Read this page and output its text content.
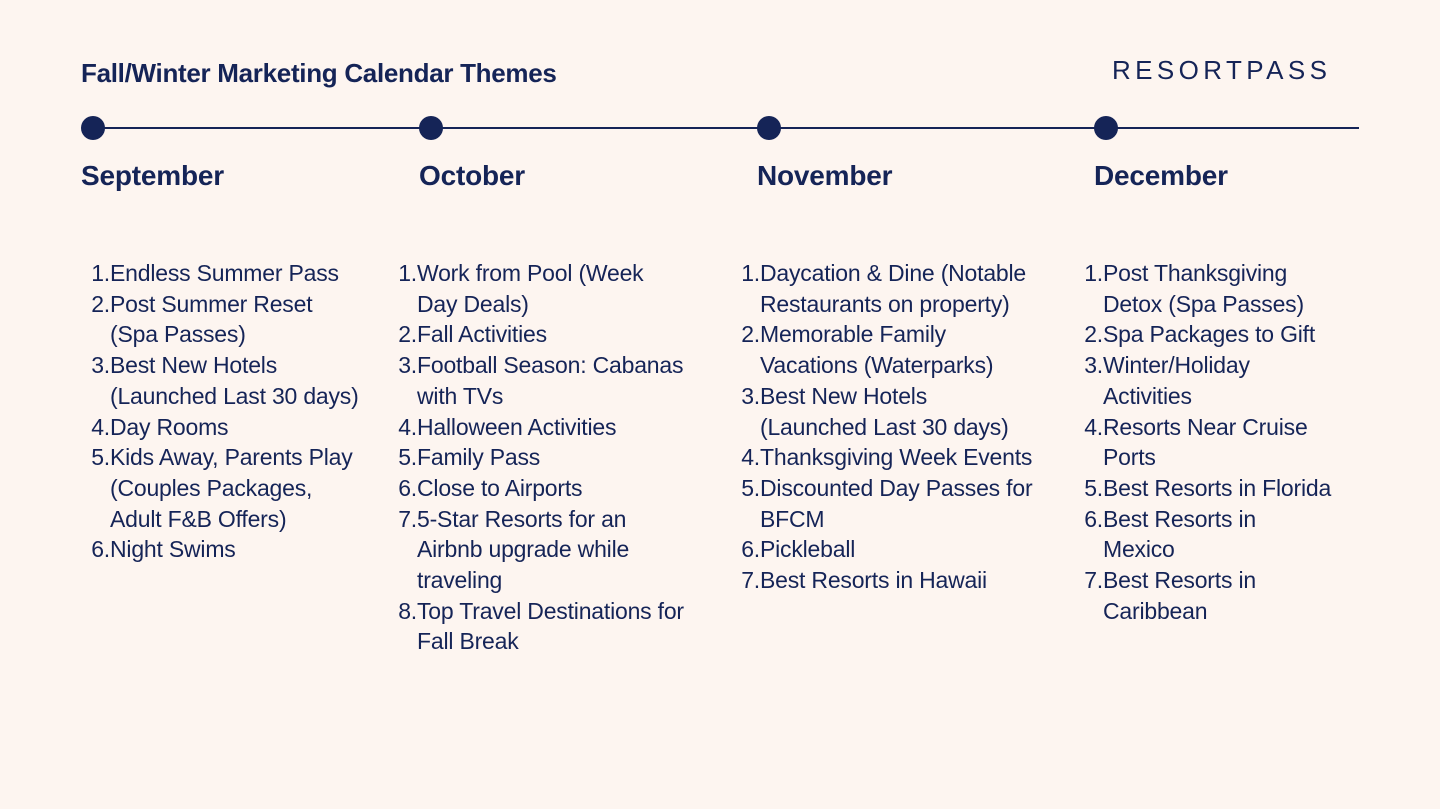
Fall/Winter Marketing Calendar Themes	RESORTPASS
September	October	November	December
1. Endless Summer Pass
2. Post Summer Reset (Spa Passes)
3. Best New Hotels (Launched Last 30 days)
4. Day Rooms
5. Kids Away, Parents Play (Couples Packages, Adult F&B Offers)
6. Night Swims
1. Work from Pool (Week Day Deals)
2. Fall Activities
3. Football Season: Cabanas with TVs
4. Halloween Activities
5. Family Pass
6. Close to Airports
7. 5-Star Resorts for an Airbnb upgrade while traveling
8. Top Travel Destinations for Fall Break
1. Daycation & Dine (Notable Restaurants on property)
2. Memorable Family Vacations (Waterparks)
3. Best New Hotels (Launched Last 30 days)
4. Thanksgiving Week Events
5. Discounted Day Passes for BFCM
6. Pickleball
7. Best Resorts in Hawaii
1. Post Thanksgiving Detox (Spa Passes)
2. Spa Packages to Gift
3. Winter/Holiday Activities
4. Resorts Near Cruise Ports
5. Best Resorts in Florida
6. Best Resorts in Mexico
7. Best Resorts in Caribbean
